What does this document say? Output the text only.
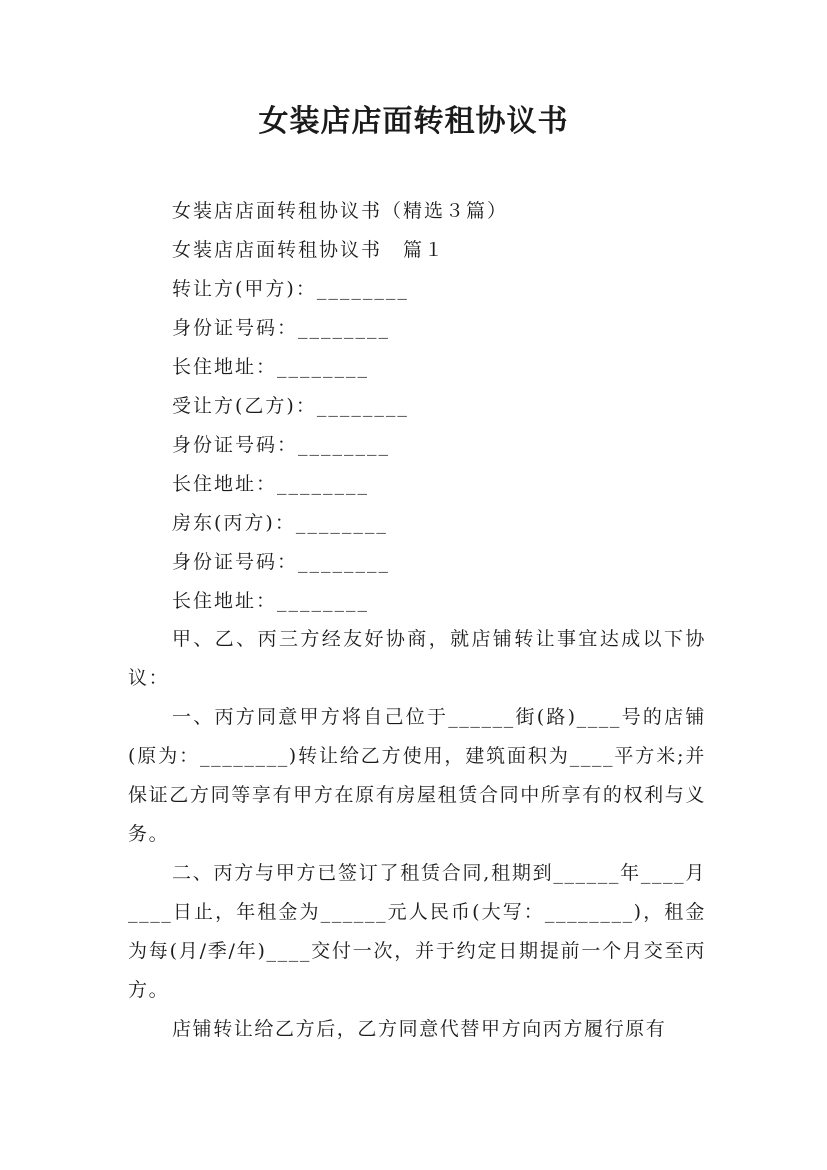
女装店店面转租协议书
女装店店面转租协议书（精选３篇）
女装店店面转租协议书　篇１
转让方(甲方)：________
身份证号码：________
长住地址：________
受让方(乙方)：________
身份证号码：________
长住地址：________
房东(丙方)：________
身份证号码：________
长住地址：________
甲、乙、丙三方经友好协商，就店铺转让事宜达成以下协议：
一、丙方同意甲方将自己位于______街(路)____号的店铺(原为：________)转让给乙方使用，建筑面积为____平方米;并保证乙方同等享有甲方在原有房屋租赁合同中所享有的权利与义务。
二、丙方与甲方已签订了租赁合同,租期到______年____月____日止，年租金为______元人民币(大写：________)，租金为每(月/季/年)____交付一次，并于约定日期提前一个月交至丙方。
店铺转让给乙方后，乙方同意代替甲方向丙方履行原有
